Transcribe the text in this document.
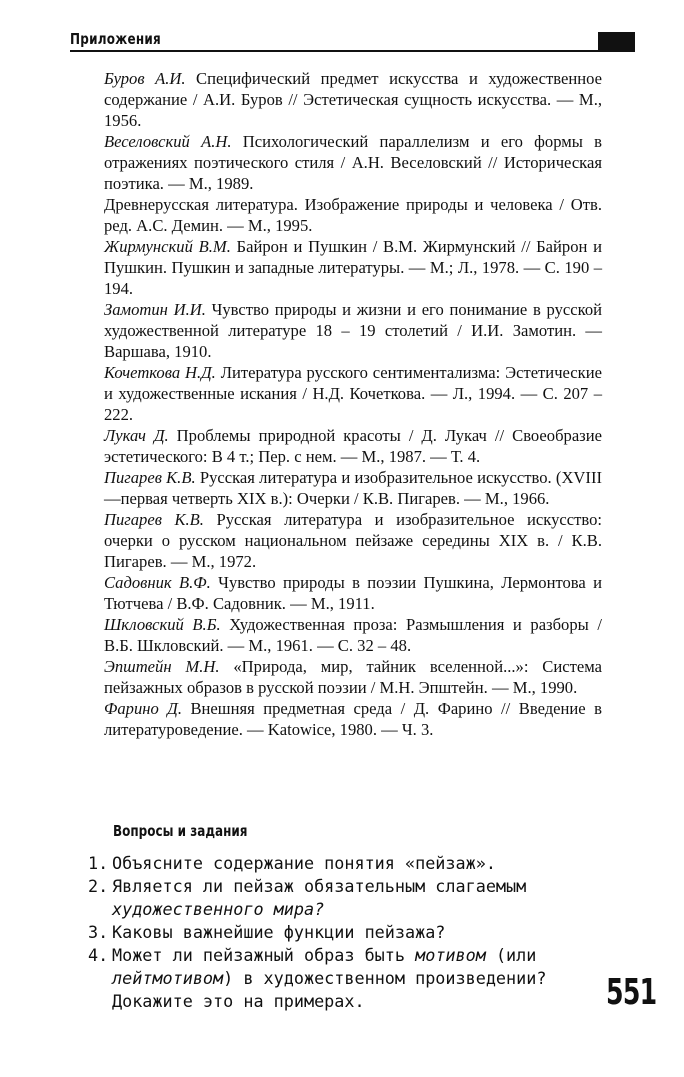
Приложения

Буров А.И. Специфический предмет искусства и художественное содержание / А.И. Буров // Эстетическая сущность искусства. — М., 1956.

Веселовский А.Н. Психологический параллелизм и его формы в отражениях поэтического стиля / А.Н. Веселовский // Историческая поэтика. — М., 1989.

Древнерусская литература. Изображение природы и человека / Отв. ред. А.С. Демин. — М., 1995.

Жирмунский В.М. Байрон и Пушкин / В.М. Жирмунский // Байрон и Пушкин. Пушкин и западные литературы. — М.; Л., 1978. — С. 190 – 194.

Замотин И.И. Чувство природы и жизни и его понимание в русской художественной литературе 18 – 19 столетий / И.И. Замотин. — Варшава, 1910.

Кочеткова Н.Д. Литература русского сентиментализма: Эстетические и художественные искания / Н.Д. Кочеткова. — Л., 1994. — С. 207 – 222.

Лукач Д. Проблемы природной красоты / Д. Лукач // Своеобразие эстетического: В 4 т.; Пер. с нем. — М., 1987. — Т. 4.

Пигарев К.В. Русская литература и изобразительное искусство. (XVIII—первая четверть XIX в.): Очерки / К.В. Пигарев. — М., 1966.

Пигарев К.В. Русская литература и изобразительное искусство: очерки о русском национальном пейзаже середины XIX в. / К.В. Пигарев. — М., 1972.

Садовник В.Ф. Чувство природы в поэзии Пушкина, Лермонтова и Тютчева / В.Ф. Садовник. — М., 1911.

Шкловский В.Б. Художественная проза: Размышления и разборы / В.Б. Шкловский. — М., 1961. — С. 32 – 48.

Эпштейн М.Н. «Природа, мир, тайник вселенной...»: Система пейзажных образов в русской поэзии / М.Н. Эпштейн. — М., 1990.

Фарино Д. Внешняя предметная среда / Д. Фарино // Введение в литературоведение. — Katowice, 1980. — Ч. 3.

Вопросы и задания
1. Объясните содержание понятия «пейзаж».
2. Является ли пейзаж обязательным слагаемым художественного мира?
3. Каковы важнейшие функции пейзажа?
4. Может ли пейзажный образ быть мотивом (или лейтмотивом) в художественном произведении? Докажите это на примерах.	551
